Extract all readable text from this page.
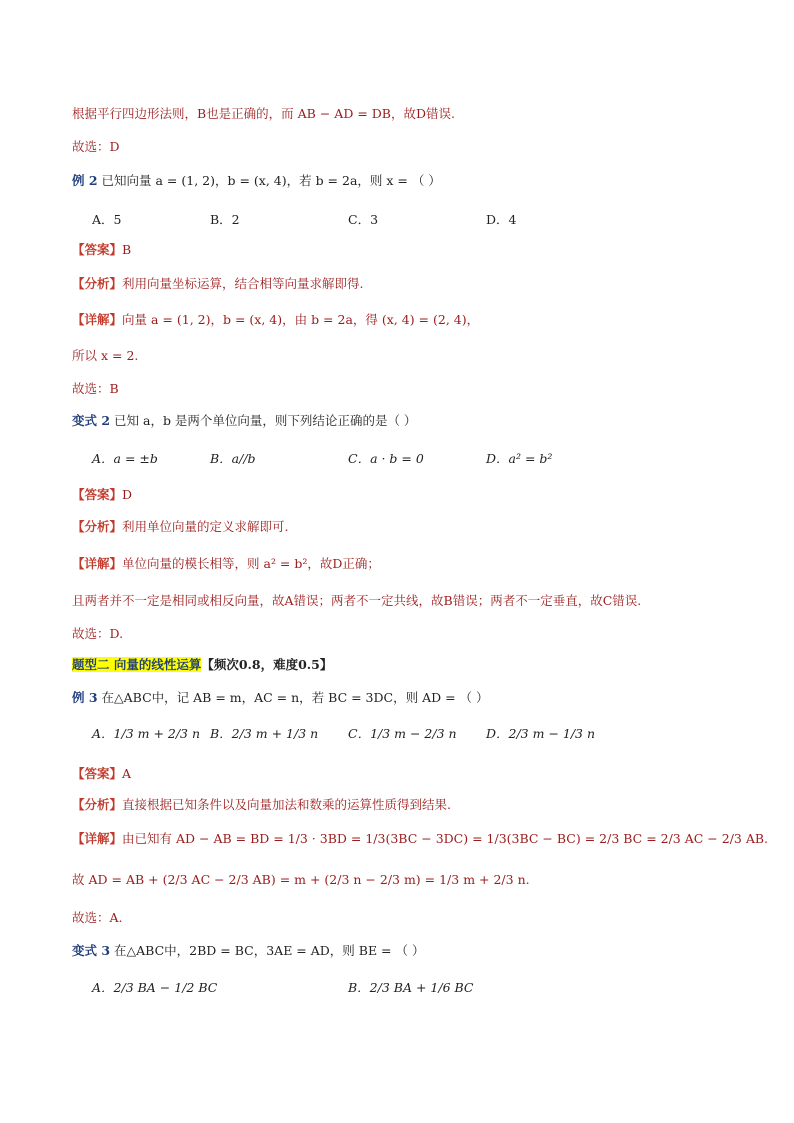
根据平行四边形法则，B也是正确的，而 AB − AD = DB，故D错误.
故选：D
例 2 已知向量 a = (1, 2)，b = (x, 4)，若 b = 2a，则 x = （ ）
A．5	B．2	C．3	D．4
【答案】B
【分析】利用向量坐标运算，结合相等向量求解即得.
【详解】向量 a = (1, 2)，b = (x, 4)，由 b = 2a，得 (x, 4) = (2, 4)，
所以 x = 2.
故选：B
变式 2 已知 a，b 是两个单位向量，则下列结论正确的是（ ）
A．a = ±b	B．a//b	C．a · b = 0	D．a² = b²
【答案】D
【分析】利用单位向量的定义求解即可.
【详解】单位向量的模长相等，则 a² = b²，故D正确；
且两者并不一定是相同或相反向量，故A错误；两者不一定共线，故B错误；两者不一定垂直，故C错误.
故选：D.
题型二 向量的线性运算【频次0.8，难度0.5】
例 3 在△ABC中，记 AB = m，AC = n，若 BC = 3DC，则 AD = （ ）
A．1/3 m + 2/3 n B．2/3 m + 1/3 n C．1/3 m − 2/3 n D．2/3 m − 1/3 n
【答案】A
【分析】直接根据已知条件以及向量加法和数乘的运算性质得到结果.
【详解】由已知有 AD − AB = BD = 1/3 · 3BD = 1/3(3BC − 3DC) = 1/3(3BC − BC) = 2/3 BC = 2/3 AC − 2/3 AB.
故 AD = AB + (2/3 AC − 2/3 AB) = m + (2/3 n − 2/3 m) = 1/3 m + 2/3 n.
故选：A.
变式 3 在△ABC中，2BD = BC，3AE = AD，则 BE = （ ）
A．2/3 BA − 1/2 BC	B．2/3 BA + 1/6 BC
